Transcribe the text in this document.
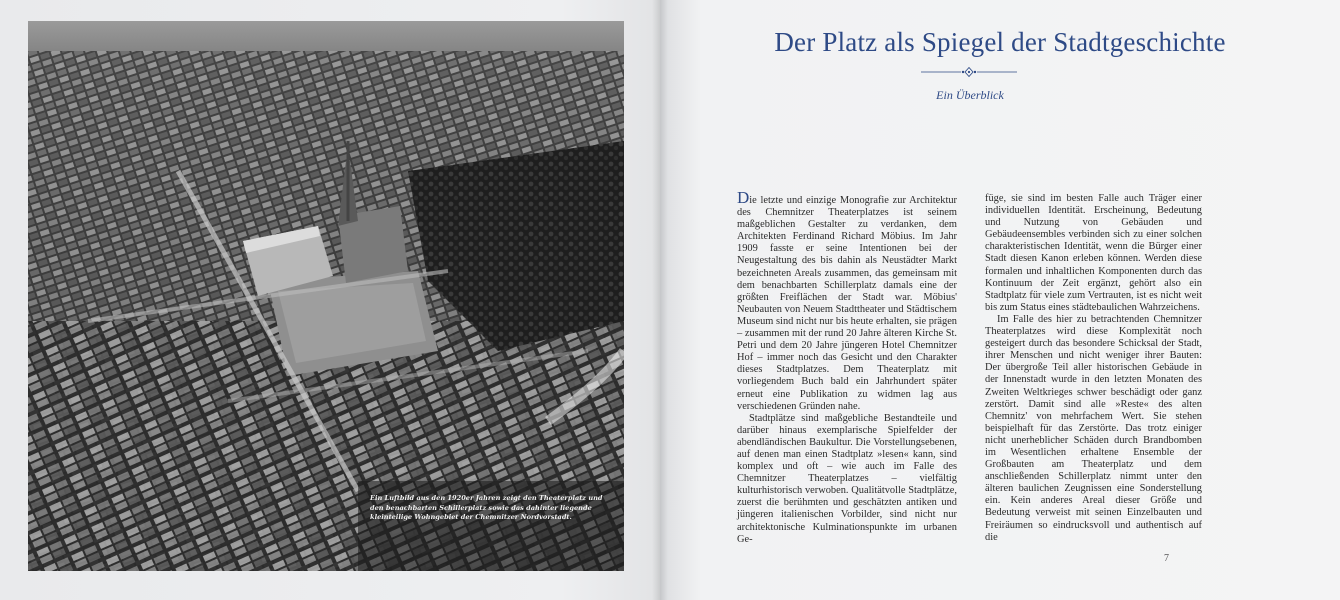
Ein Luftbild aus den 1920er Jahren zeigt den Theaterplatz und den benachbarten Schillerplatz sowie das dahinter liegende kleinteilige Wohngebiet der Chemnitzer Nordvorstadt.
Der Platz als Spiegel der Stadtgeschichte
Ein Überblick

Die letzte und einzige Monografie zur Architektur des Chemnitzer Theaterplatzes ist seinem maßgeblichen Gestalter zu verdanken, dem Architekten Ferdinand Richard Möbius. Im Jahr 1909 fasste er seine Intentionen bei der Neugestaltung des bis dahin als Neustädter Markt bezeichneten Areals zusammen, das gemeinsam mit dem benachbarten Schillerplatz damals eine der größten Freiflächen der Stadt war. Möbius' Neubauten von Neuem Stadttheater und Städtischem Museum sind nicht nur bis heute erhalten, sie prägen – zusammen mit der rund 20 Jahre älteren Kirche St. Petri und dem 20 Jahre jüngeren Hotel Chemnitzer Hof – immer noch das Gesicht und den Charakter dieses Stadtplatzes. Dem Theaterplatz mit vorliegendem Buch bald ein Jahrhundert später erneut eine Publikation zu widmen lag aus verschiedenen Gründen nahe.

Stadtplätze sind maßgebliche Bestandteile und darüber hinaus exemplarische Spielfelder der abendländischen Baukultur. Die Vorstellungsebenen, auf denen man einen Stadtplatz »lesen« kann, sind komplex und oft – wie auch im Falle des Chemnitzer Theaterplatzes – vielfältig kulturhistorisch verwoben. Qualitätvolle Stadtplätze, zuerst die berühmten und geschätzten antiken und jüngeren italienischen Vorbilder, sind nicht nur architektonische Kulminationspunkte im urbanen Ge-

füge, sie sind im besten Falle auch Träger einer individuellen Identität. Erscheinung, Bedeutung und Nutzung von Gebäuden und Gebäudeensembles verbinden sich zu einer solchen charakteristischen Identität, wenn die Bürger einer Stadt diesen Kanon erleben können. Werden diese formalen und inhaltlichen Komponenten durch das Kontinuum der Zeit ergänzt, gehört also ein Stadtplatz für viele zum Vertrauten, ist es nicht weit bis zum Status eines städtebaulichen Wahrzeichens.

Im Falle des hier zu betrachtenden Chemnitzer Theaterplatzes wird diese Komplexität noch gesteigert durch das besondere Schicksal der Stadt, ihrer Menschen und nicht weniger ihrer Bauten: Der übergroße Teil aller historischen Gebäude in der Innenstadt wurde in den letzten Monaten des Zweiten Weltkrieges schwer beschädigt oder ganz zerstört. Damit sind alle »Reste« des alten Chemnitz' von mehrfachem Wert. Sie stehen beispielhaft für das Zerstörte. Das trotz einiger nicht unerheblicher Schäden durch Brandbomben im Wesentlichen erhaltene Ensemble der Großbauten am Theaterplatz und dem anschließenden Schillerplatz nimmt unter den älteren baulichen Zeugnissen eine Sonderstellung ein. Kein anderes Areal dieser Größe und Bedeutung verweist mit seinen Einzelbauten und Freiräumen so eindrucksvoll und authentisch auf die

7
